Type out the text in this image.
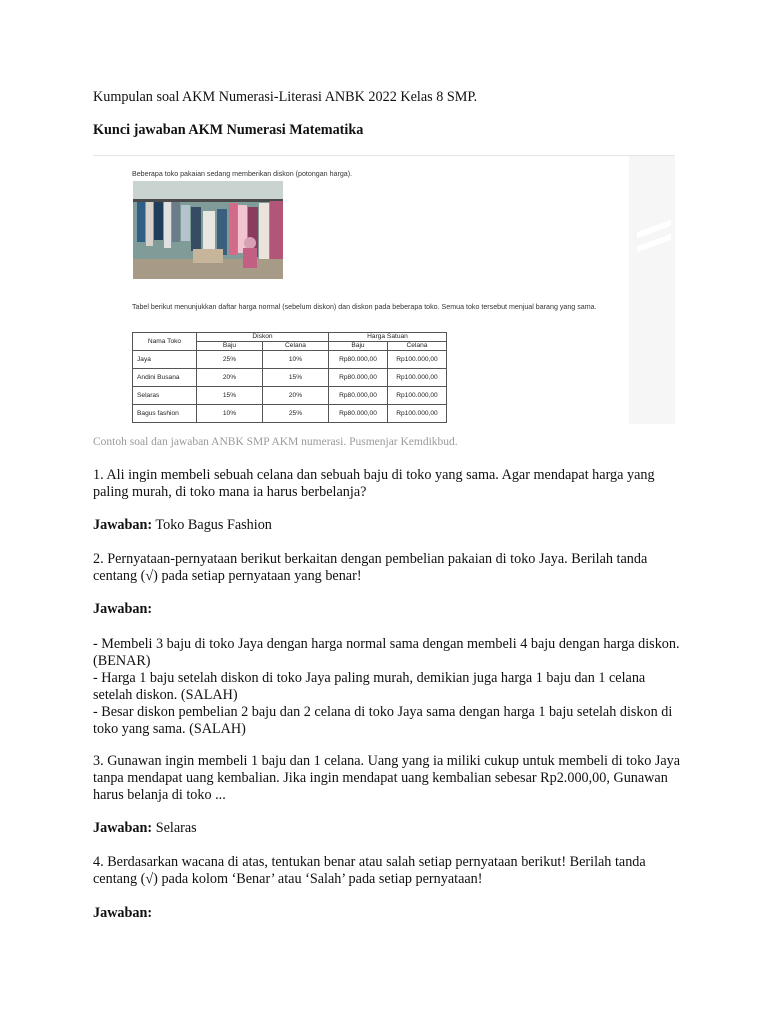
Kumpulan soal AKM Numerasi-Literasi ANBK 2022 Kelas 8 SMP.
Kunci jawaban AKM Numerasi Matematika
Beberapa toko pakaian sedang memberikan diskon (potongan harga).
Tabel berikut menunjukkan daftar harga normal (sebelum diskon) dan diskon pada beberapa toko. Semua toko tersebut menjual barang yang sama.
Nama Toko	Diskon		Harga Satuan	
	Baju	Celana	Baju	Celana
Jaya	25%	10%	Rp80.000,00	Rp100.000,00
Andini Busana	20%	15%	Rp80.000,00	Rp100.000,00
Selaras	15%	20%	Rp80.000,00	Rp100.000,00
Bagus fashion	10%	25%	Rp80.000,00	Rp100.000,00
Contoh soal dan jawaban ANBK SMP AKM numerasi. Pusmenjar Kemdikbud.

1. Ali ingin membeli sebuah celana dan sebuah baju di toko yang sama. Agar mendapat harga yang paling murah, di toko mana ia harus berbelanja?

Jawaban: Toko Bagus Fashion

2. Pernyataan-pernyataan berikut berkaitan dengan pembelian pakaian di toko Jaya. Berilah tanda centang (√) pada setiap pernyataan yang benar!

Jawaban:

- Membeli 3 baju di toko Jaya dengan harga normal sama dengan membeli 4 baju dengan harga diskon. (BENAR)

- Harga 1 baju setelah diskon di toko Jaya paling murah, demikian juga harga 1 baju dan 1 celana setelah diskon. (SALAH)

- Besar diskon pembelian 2 baju dan 2 celana di toko Jaya sama dengan harga 1 baju setelah diskon di toko yang sama. (SALAH)

3. Gunawan ingin membeli 1 baju dan 1 celana. Uang yang ia miliki cukup untuk membeli di toko Jaya tanpa mendapat uang kembalian. Jika ingin mendapat uang kembalian sebesar Rp2.000,00, Gunawan harus belanja di toko ...

Jawaban: Selaras

4. Berdasarkan wacana di atas, tentukan benar atau salah setiap pernyataan berikut! Berilah tanda centang (√) pada kolom ‘Benar’ atau ‘Salah’ pada setiap pernyataan!

Jawaban:
